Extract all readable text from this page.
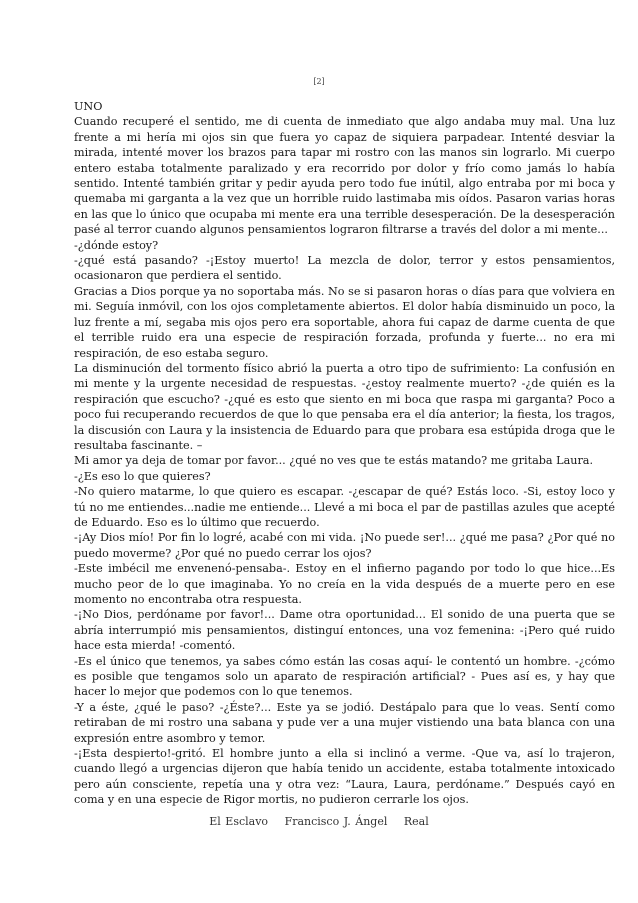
[2]

UNO

Cuando recuperé el sentido, me di cuenta de inmediato que algo andaba muy mal. Una luz frente a mi hería mi ojos sin que fuera yo capaz de siquiera parpadear. Intenté desviar la mirada, intenté mover los brazos para tapar mi rostro con las manos sin lograrlo. Mi cuerpo entero estaba totalmente paralizado y era recorrido por dolor y frío como jamás lo había sentido. Intenté también gritar y pedir ayuda pero todo fue inútil, algo entraba por mi boca y quemaba mi garganta a la vez que un horrible ruido lastimaba mis oídos. Pasaron varias horas en las que lo único que ocupaba mi mente era una terrible desesperación. De la desesperación pasé al terror cuando algunos pensamientos lograron filtrarse a través del dolor a mi mente...

-¿dónde estoy?

-¿qué está pasando? -¡Estoy muerto! La mezcla de dolor, terror y estos pensamientos, ocasionaron que perdiera el sentido.

Gracias a Dios porque ya no soportaba más. No se si pasaron horas o días para que volviera en mi. Seguía inmóvil, con los ojos completamente abiertos. El dolor había disminuido un poco, la luz frente a mí, segaba mis ojos pero era soportable, ahora fui capaz de darme cuenta de que el terrible ruido era una especie de respiración forzada, profunda y fuerte... no era mi respiración, de eso estaba seguro.

La disminución del tormento físico abrió la puerta a otro tipo de sufrimiento: La confusión en mi mente y la urgente necesidad de respuestas. -¿estoy realmente muerto? -¿de quién es la respiración que escucho? -¿qué es esto que siento en mi boca que raspa mi garganta? Poco a poco fui recuperando recuerdos de que lo que pensaba era el día anterior; la fiesta, los tragos, la discusión con Laura y la insistencia de Eduardo para que probara esa estúpida droga que le resultaba fascinante. –

Mi amor ya deja de tomar por favor... ¿qué no ves que te estás matando? me gritaba Laura.

-¿Es eso lo que quieres?

-No quiero matarme, lo que quiero es escapar. -¿escapar de qué? Estás loco. -Si, estoy loco y tú no me entiendes...nadie me entiende... Llevé a mi boca el par de pastillas azules que acepté de Eduardo. Eso es lo último que recuerdo.

-¡Ay Dios mío! Por fin lo logré, acabé con mi vida. ¡No puede ser!... ¿qué me pasa? ¿Por qué no puedo moverme? ¿Por qué no puedo cerrar los ojos?

-Este imbécil me envenenó-pensaba-. Estoy en el infierno pagando por todo lo que hice...Es mucho peor de lo que imaginaba. Yo no creía en la vida después de a muerte pero en ese momento no encontraba otra respuesta.

-¡No Dios, perdóname por favor!... Dame otra oportunidad... El sonido de una puerta que se abría interrumpió mis pensamientos, distinguí entonces, una voz femenina: -¡Pero qué ruido hace esta mierda! -comentó.

-Es el único que tenemos, ya sabes cómo están las cosas aquí- le contentó un hombre. -¿cómo es posible que tengamos solo un aparato de respiración artificial? - Pues así es, y hay que hacer lo mejor que podemos con lo que tenemos.

-Y a éste, ¿qué le paso? -¿Éste?... Este ya se jodió. Destápalo para que lo veas. Sentí como retiraban de mi rostro una sabana y pude ver a una mujer vistiendo una bata blanca con una expresión entre asombro y temor.

-¡Esta despierto!-gritó. El hombre junto a ella si inclinó a verme. -Que va, así lo trajeron, cuando llegó a urgencias dijeron que había tenido un accidente, estaba totalmente intoxicado pero aún consciente, repetía una y otra vez: “Laura, Laura, perdóname.” Después cayó en coma y en una especie de Rigor mortis, no pudieron cerrarle los ojos.

El Esclavo Francisco J. Ángel Real
